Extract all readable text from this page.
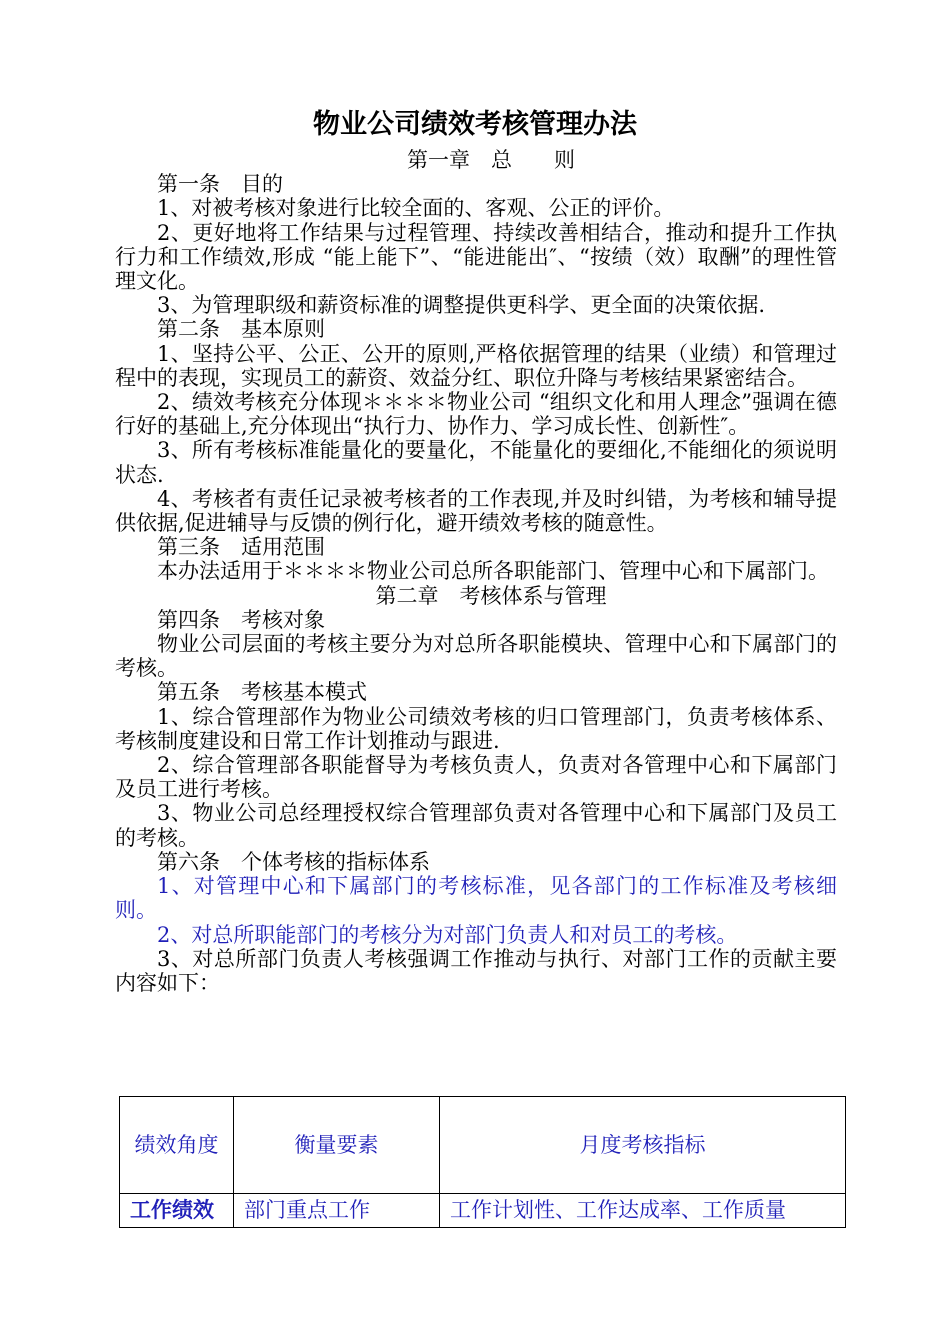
物业公司绩效考核管理办法

第一章　总　　则

第一条　目的

1、对被考核对象进行比较全面的、客观、公正的评价。

2、更好地将工作结果与过程管理、持续改善相结合，推动和提升工作执行力和工作绩效,形成 “能上能下”、“能进能出″、“按绩（效）取酬”的理性管理文化。

3、为管理职级和薪资标准的调整提供更科学、更全面的决策依据.

第二条　基本原则

1、坚持公平、公正、公开的原则,严格依据管理的结果（业绩）和管理过程中的表现，实现员工的薪资、效益分红、职位升降与考核结果紧密结合。

2、绩效考核充分体现＊＊＊＊物业公司 “组织文化和用人理念”强调在德行好的基础上,充分体现出“执行力、协作力、学习成长性、创新性″。

3、所有考核标准能量化的要量化，不能量化的要细化,不能细化的须说明状态.

4、考核者有责任记录被考核者的工作表现,并及时纠错，为考核和辅导提供依据,促进辅导与反馈的例行化，避开绩效考核的随意性。

第三条　适用范围

本办法适用于＊＊＊＊物业公司总所各职能部门、管理中心和下属部门。

第二章　考核体系与管理

第四条　考核对象

物业公司层面的考核主要分为对总所各职能模块、管理中心和下属部门的考核。

第五条　考核基本模式

1、综合管理部作为物业公司绩效考核的归口管理部门，负责考核体系、考核制度建设和日常工作计划推动与跟进.

2、综合管理部各职能督导为考核负责人，负责对各管理中心和下属部门及员工进行考核。

3、物业公司总经理授权综合管理部负责对各管理中心和下属部门及员工的考核。

第六条　个体考核的指标体系

1、对管理中心和下属部门的考核标准，见各部门的工作标准及考核细则。

2、对总所职能部门的考核分为对部门负责人和对员工的考核。

3、对总所部门负责人考核强调工作推动与执行、对部门工作的贡献主要内容如下：

绩效角度	衡量要素	月度考核指标
工作绩效	部门重点工作	工作计划性、工作达成率、工作质量
